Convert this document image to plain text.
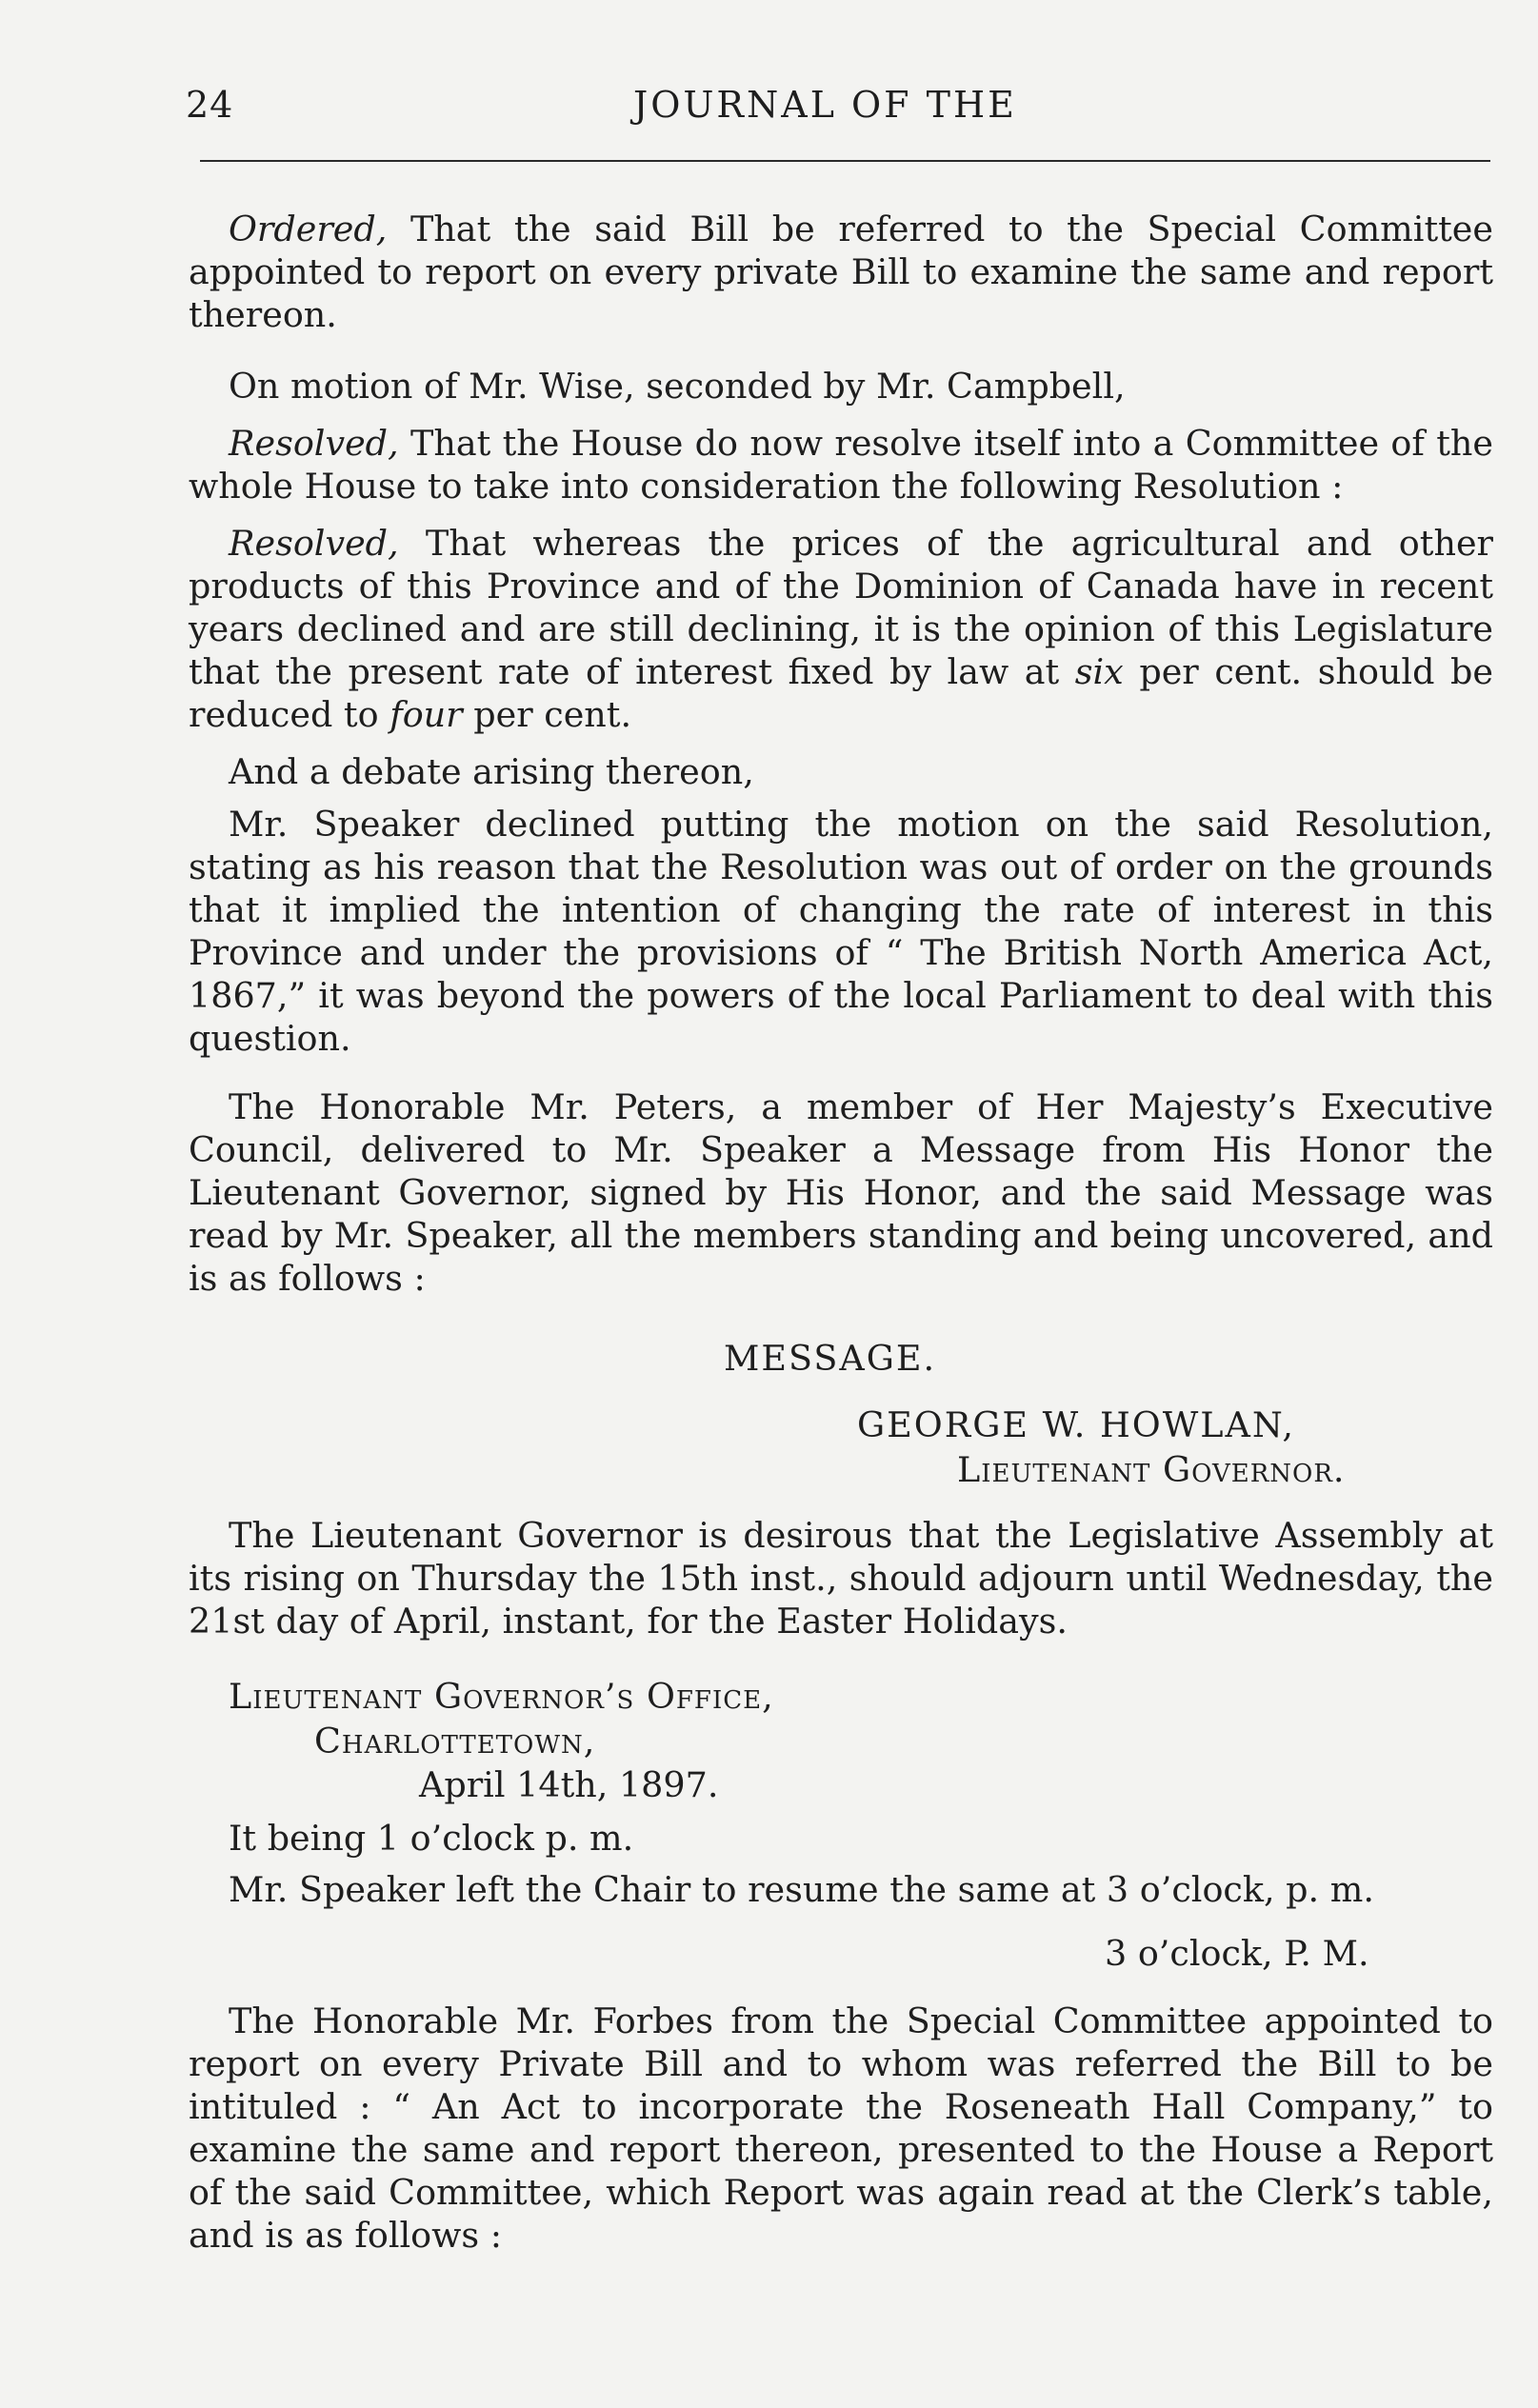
24	JOURNAL OF THE

Ordered, That the said Bill be referred to the Special Committee appointed to report on every private Bill to examine the same and report thereon.

On motion of Mr. Wise, seconded by Mr. Campbell,

Resolved, That the House do now resolve itself into a Committee of the whole House to take into consideration the following Resolution :

Resolved, That whereas the prices of the agricultural and other products of this Province and of the Dominion of Canada have in recent years declined and are still declining, it is the opinion of this Legislature that the present rate of interest fixed by law at six per cent. should be reduced to four per cent.

And a debate arising thereon,

Mr. Speaker declined putting the motion on the said Resolution, stating as his reason that the Resolution was out of order on the grounds that it implied the intention of changing the rate of interest in this Province and under the provisions of “ The British North America Act, 1867,” it was beyond the powers of the local Parliament to deal with this question.

The Honorable Mr. Peters, a member of Her Majesty’s Executive Council, delivered to Mr. Speaker a Message from His Honor the Lieutenant Governor, signed by His Honor, and the said Message was read by Mr. Speaker, all the members standing and being uncovered, and is as follows :

MESSAGE.
GEORGE W. HOWLAN,
Lieutenant Governor.

The Lieutenant Governor is desirous that the Legislative Assembly at its rising on Thursday the 15th inst., should adjourn until Wednesday, the 21st day of April, instant, for the Easter Holidays.

Lieutenant Governor’s Office,
Charlottetown,
April 14th, 1897.

It being 1 o’clock p. m.

Mr. Speaker left the Chair to resume the same at 3 o’clock, p. m.

3 o’clock, P. M.

The Honorable Mr. Forbes from the Special Committee appointed to report on every Private Bill and to whom was referred the Bill to be intituled : “ An Act to incorporate the Roseneath Hall Company,” to examine the same and report thereon, presented to the House a Report of the said Committee, which Report was again read at the Clerk’s table, and is as follows :
